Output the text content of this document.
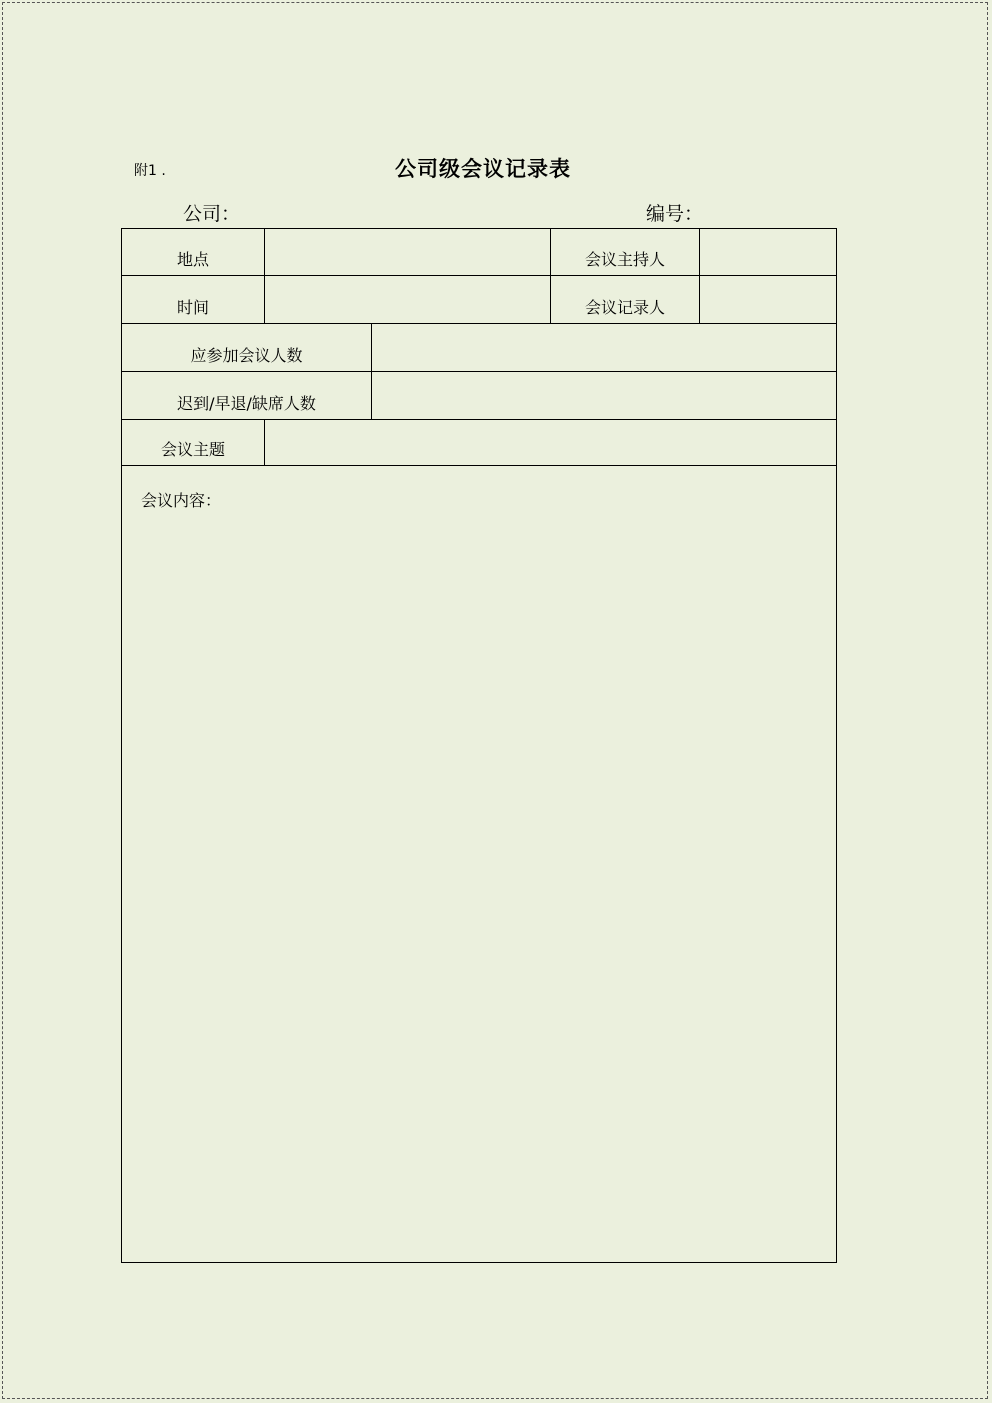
附1 .	公司级会议记录表
公司：	编号：
地点	会议主持人
时间	会议记录人
应参加会议人数
迟到/早退/缺席人数
会议主题
会议内容：
